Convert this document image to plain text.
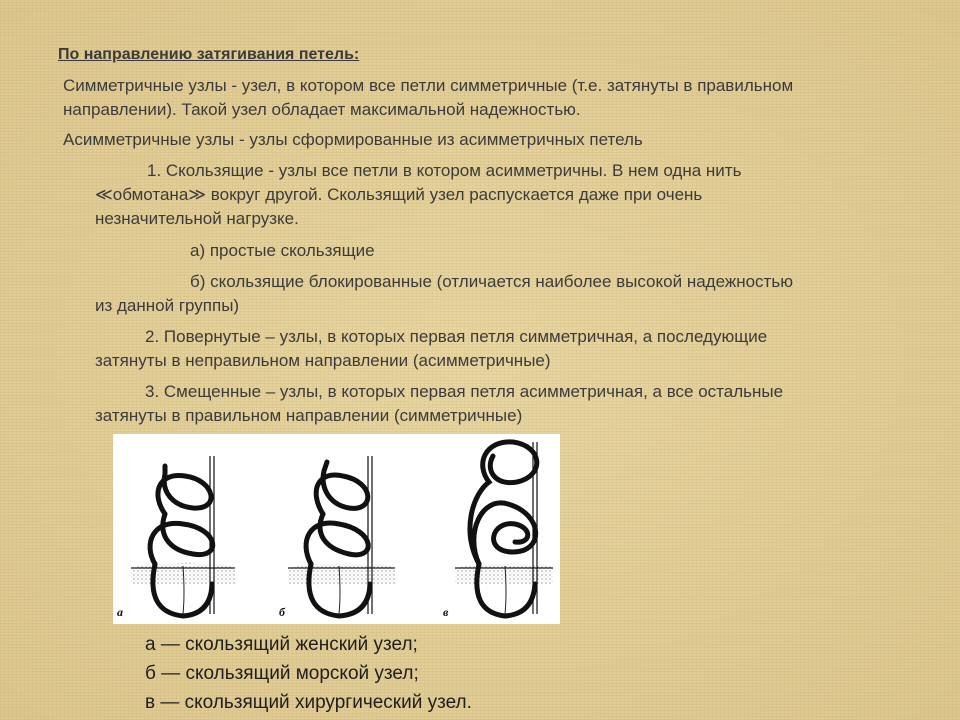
По направлению затягивания петель:
Симметричные узлы - узел, в котором все петли симметричные (т.е. затянуты в правильном
направлении). Такой узел обладает максимальной надежностью.
Асимметричные узлы - узлы сформированные из асимметричных петель
1. Скользящие - узлы все петли в котором асимметричны. В нем одна нить
≪обмотана≫ вокруг другой. Скользящий узел распускается даже при очень
незначительной нагрузке.
а) простые скользящие
б) скользящие блокированные (отличается наиболее высокой надежностью
из данной группы)
2. Повернутые – узлы, в которых первая петля симметричная, а последующие
затянуты в неправильном направлении (асимметричные)
3. Смещенные – узлы, в которых первая петля асимметричная, а все остальные
затянуты в правильном направлении (симметричные)
а	б	в
а — скользящий женский узел;
б — скользящий морской узел;
в — скользящий хирургический узел.
